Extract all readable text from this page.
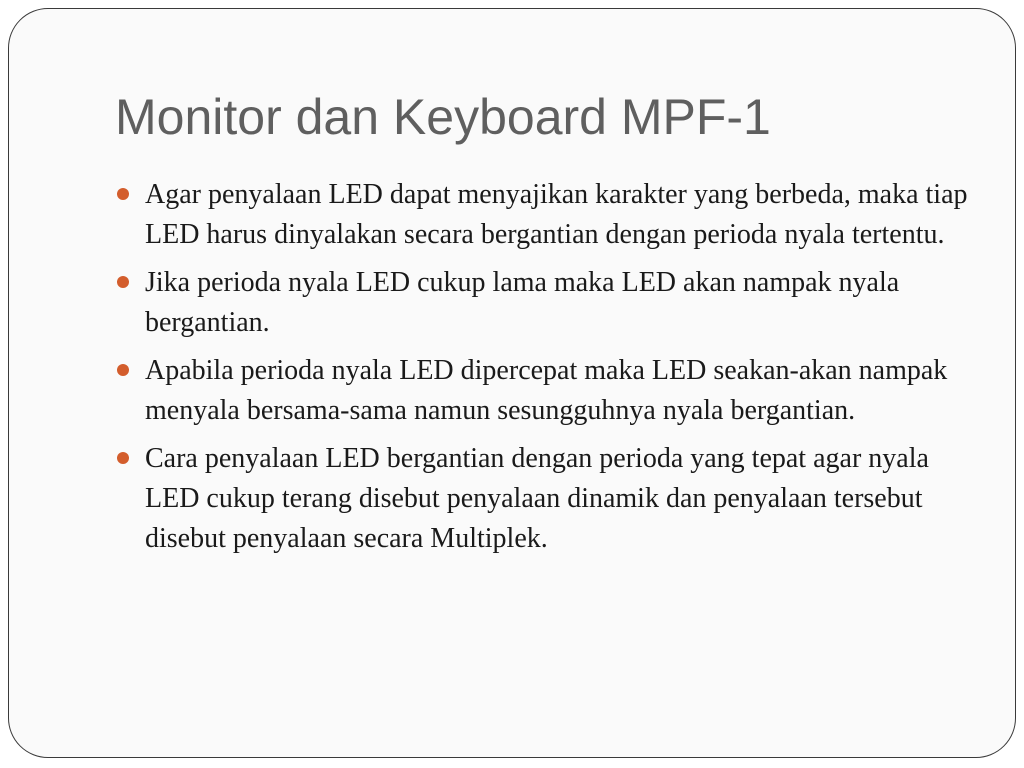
Monitor dan Keyboard MPF-1
Agar penyalaan LED dapat menyajikan karakter yang berbeda, maka tiap LED harus dinyalakan secara bergantian dengan perioda nyala tertentu.
Jika perioda nyala LED cukup lama maka LED akan nampak nyala bergantian.
Apabila perioda nyala LED dipercepat maka LED seakan-akan nampak menyala bersama-sama namun sesungguhnya nyala bergantian.
Cara penyalaan LED bergantian dengan perioda yang tepat agar nyala LED cukup terang disebut penyalaan dinamik dan penyalaan tersebut disebut penyalaan secara Multiplek.
